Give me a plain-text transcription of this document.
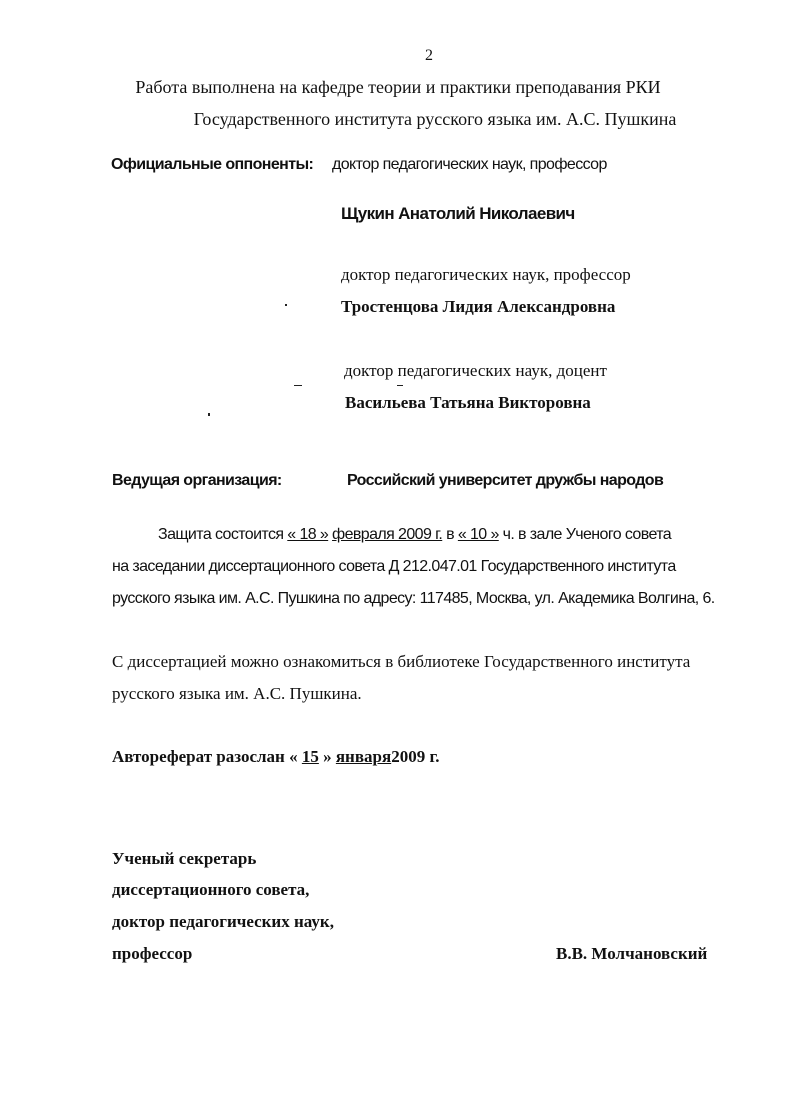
2
Работа выполнена на кафедре теории и практики преподавания РКИ
Государственного института русского языка им. А.С. Пушкина
Официальные оппоненты: доктор педагогических наук, профессор
Щукин Анатолий Николаевич
доктор педагогических наук, профессор
Тростенцова Лидия Александровна
доктор педагогических наук, доцент
Васильева Татьяна Викторовна
Ведущая организация:	Российский университет дружбы народов
Защита состоится « 18 » февраля 2009 г. в « 10 » ч. в зале Ученого совета
на заседании диссертационного совета Д 212.047.01 Государственного института
русского языка им. А.С. Пушкина по адресу: 117485, Москва, ул. Академика Волгина, 6.
С диссертацией можно ознакомиться в библиотеке Государственного института
русского языка им. А.С. Пушкина.
Автореферат разослан « 15 » января2009 г.
Ученый секретарь
диссертационного совета,
доктор педагогических наук,
профессор	В.В. Молчановский
